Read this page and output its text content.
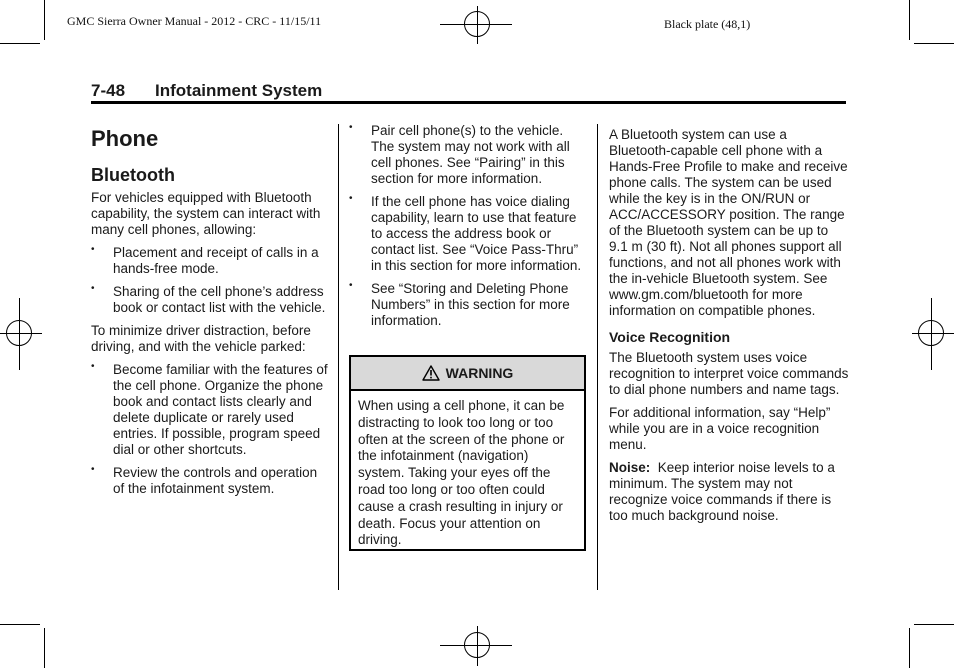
GMC Sierra Owner Manual - 2012 - CRC - 11/15/11	Black plate (48,1)
7-48 Infotainment System
Phone
Bluetooth

For vehicles equipped with Bluetooth capability, the system can interact with many cell phones, allowing:

• Placement and receipt of calls in a hands-free mode.
• Sharing of the cell phone’s address book or contact list with the vehicle.

To minimize driver distraction, before driving, and with the vehicle parked:

• Become familiar with the features of the cell phone. Organize the phone book and contact lists clearly and delete duplicate or rarely used entries. If possible, program speed dial or other shortcuts.
• Review the controls and operation of the infotainment system.
• Pair cell phone(s) to the vehicle. The system may not work with all cell phones. See “Pairing” in this section for more information.
• If the cell phone has voice dialing capability, learn to use that feature to access the address book or contact list. See “Voice Pass-Thru” in this section for more information.
• See “Storing and Deleting Phone Numbers” in this section for more information.
WARNING
When using a cell phone, it can be distracting to look too long or too often at the screen of the phone or the infotainment (navigation) system. Taking your eyes off the road too long or too often could cause a crash resulting in injury or death. Focus your attention on driving.

A Bluetooth system can use a Bluetooth-capable cell phone with a Hands-Free Profile to make and receive phone calls. The system can be used while the key is in the ON/RUN or ACC/ACCESSORY position. The range of the Bluetooth system can be up to 9.1 m (30 ft). Not all phones support all functions, and not all phones work with the in-vehicle Bluetooth system. See www.gm.com/bluetooth for more information on compatible phones.

Voice Recognition

The Bluetooth system uses voice recognition to interpret voice commands to dial phone numbers and name tags.

For additional information, say “Help” while you are in a voice recognition menu.

Noise: Keep interior noise levels to a minimum. The system may not recognize voice commands if there is too much background noise.
